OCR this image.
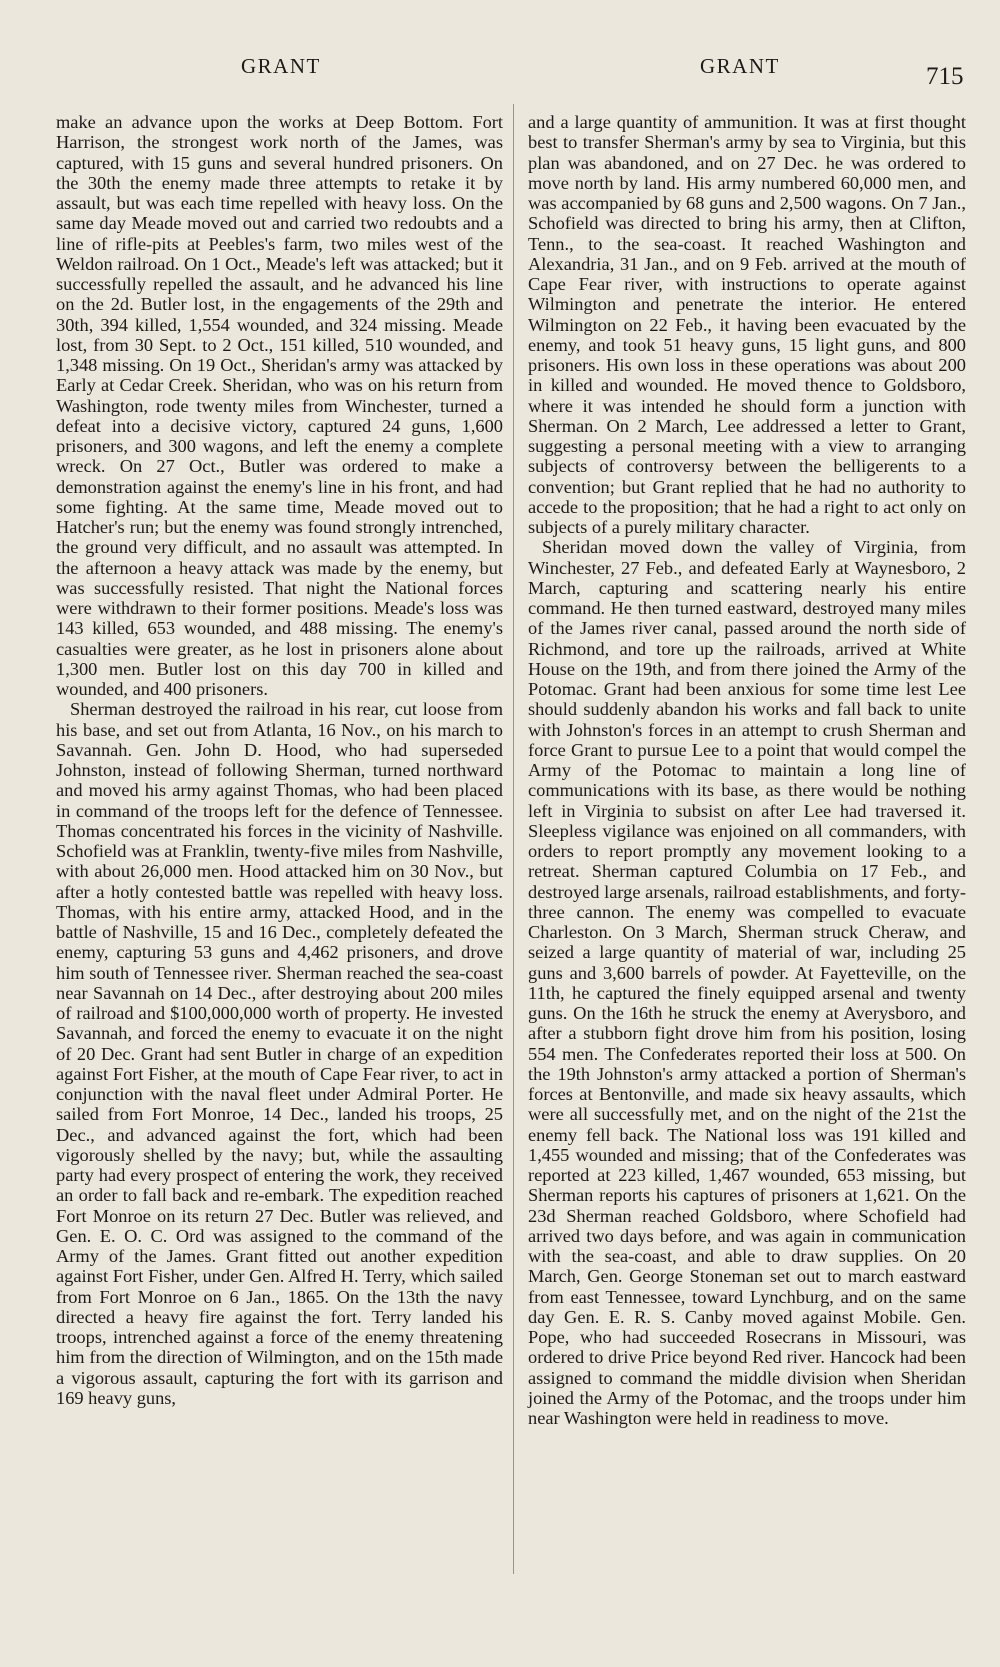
GRANT	GRANT	715

make an advance upon the works at Deep Bottom. Fort Harrison, the strongest work north of the James, was captured, with 15 guns and several hundred prisoners. On the 30th the enemy made three attempts to retake it by assault, but was each time repelled with heavy loss. On the same day Meade moved out and carried two redoubts and a line of rifle-pits at Peebles's farm, two miles west of the Weldon railroad. On 1 Oct., Meade's left was attacked; but it successfully repelled the assault, and he advanced his line on the 2d. Butler lost, in the engagements of the 29th and 30th, 394 killed, 1,554 wounded, and 324 missing. Meade lost, from 30 Sept. to 2 Oct., 151 killed, 510 wounded, and 1,348 missing. On 19 Oct., Sheridan's army was attacked by Early at Cedar Creek. Sheridan, who was on his return from Washington, rode twenty miles from Winchester, turned a defeat into a decisive victory, captured 24 guns, 1,600 prisoners, and 300 wagons, and left the enemy a complete wreck. On 27 Oct., Butler was ordered to make a demonstration against the enemy's line in his front, and had some fighting. At the same time, Meade moved out to Hatcher's run; but the enemy was found strongly intrenched, the ground very difficult, and no assault was attempted. In the afternoon a heavy attack was made by the enemy, but was successfully resisted. That night the National forces were withdrawn to their former positions. Meade's loss was 143 killed, 653 wounded, and 488 missing. The enemy's casualties were greater, as he lost in prisoners alone about 1,300 men. Butler lost on this day 700 in killed and wounded, and 400 prisoners.

Sherman destroyed the railroad in his rear, cut loose from his base, and set out from Atlanta, 16 Nov., on his march to Savannah. Gen. John D. Hood, who had superseded Johnston, instead of following Sherman, turned northward and moved his army against Thomas, who had been placed in command of the troops left for the defence of Tennessee. Thomas concentrated his forces in the vicinity of Nashville. Schofield was at Franklin, twenty-five miles from Nashville, with about 26,000 men. Hood attacked him on 30 Nov., but after a hotly contested battle was repelled with heavy loss. Thomas, with his entire army, attacked Hood, and in the battle of Nashville, 15 and 16 Dec., completely defeated the enemy, capturing 53 guns and 4,462 prisoners, and drove him south of Tennessee river. Sherman reached the sea-coast near Savannah on 14 Dec., after destroying about 200 miles of railroad and $100,000,000 worth of property. He invested Savannah, and forced the enemy to evacuate it on the night of 20 Dec. Grant had sent Butler in charge of an expedition against Fort Fisher, at the mouth of Cape Fear river, to act in conjunction with the naval fleet under Admiral Porter. He sailed from Fort Monroe, 14 Dec., landed his troops, 25 Dec., and advanced against the fort, which had been vigorously shelled by the navy; but, while the assaulting party had every prospect of entering the work, they received an order to fall back and re-embark. The expedition reached Fort Monroe on its return 27 Dec. Butler was relieved, and Gen. E. O. C. Ord was assigned to the command of the Army of the James. Grant fitted out another expedition against Fort Fisher, under Gen. Alfred H. Terry, which sailed from Fort Monroe on 6 Jan., 1865. On the 13th the navy directed a heavy fire against the fort. Terry landed his troops, intrenched against a force of the enemy threatening him from the direction of Wilmington, and on the 15th made a vigorous assault, capturing the fort with its garrison and 169 heavy guns,

and a large quantity of ammunition. It was at first thought best to transfer Sherman's army by sea to Virginia, but this plan was abandoned, and on 27 Dec. he was ordered to move north by land. His army numbered 60,000 men, and was accompanied by 68 guns and 2,500 wagons. On 7 Jan., Schofield was directed to bring his army, then at Clifton, Tenn., to the sea-coast. It reached Washington and Alexandria, 31 Jan., and on 9 Feb. arrived at the mouth of Cape Fear river, with instructions to operate against Wilmington and penetrate the interior. He entered Wilmington on 22 Feb., it having been evacuated by the enemy, and took 51 heavy guns, 15 light guns, and 800 prisoners. His own loss in these operations was about 200 in killed and wounded. He moved thence to Goldsboro, where it was intended he should form a junction with Sherman. On 2 March, Lee addressed a letter to Grant, suggesting a personal meeting with a view to arranging subjects of controversy between the belligerents to a convention; but Grant replied that he had no authority to accede to the proposition; that he had a right to act only on subjects of a purely military character.

Sheridan moved down the valley of Virginia, from Winchester, 27 Feb., and defeated Early at Waynesboro, 2 March, capturing and scattering nearly his entire command. He then turned eastward, destroyed many miles of the James river canal, passed around the north side of Richmond, and tore up the railroads, arrived at White House on the 19th, and from there joined the Army of the Potomac. Grant had been anxious for some time lest Lee should suddenly abandon his works and fall back to unite with Johnston's forces in an attempt to crush Sherman and force Grant to pursue Lee to a point that would compel the Army of the Potomac to maintain a long line of communications with its base, as there would be nothing left in Virginia to subsist on after Lee had traversed it. Sleepless vigilance was enjoined on all commanders, with orders to report promptly any movement looking to a retreat. Sherman captured Columbia on 17 Feb., and destroyed large arsenals, railroad establishments, and forty-three cannon. The enemy was compelled to evacuate Charleston. On 3 March, Sherman struck Cheraw, and seized a large quantity of material of war, including 25 guns and 3,600 barrels of powder. At Fayetteville, on the 11th, he captured the finely equipped arsenal and twenty guns. On the 16th he struck the enemy at Averysboro, and after a stubborn fight drove him from his position, losing 554 men. The Confederates reported their loss at 500. On the 19th Johnston's army attacked a portion of Sherman's forces at Bentonville, and made six heavy assaults, which were all successfully met, and on the night of the 21st the enemy fell back. The National loss was 191 killed and 1,455 wounded and missing; that of the Confederates was reported at 223 killed, 1,467 wounded, 653 missing, but Sherman reports his captures of prisoners at 1,621. On the 23d Sherman reached Goldsboro, where Schofield had arrived two days before, and was again in communication with the sea-coast, and able to draw supplies. On 20 March, Gen. George Stoneman set out to march eastward from east Tennessee, toward Lynchburg, and on the same day Gen. E. R. S. Canby moved against Mobile. Gen. Pope, who had succeeded Rosecrans in Missouri, was ordered to drive Price beyond Red river. Hancock had been assigned to command the middle division when Sheridan joined the Army of the Potomac, and the troops under him near Washington were held in readiness to move.
